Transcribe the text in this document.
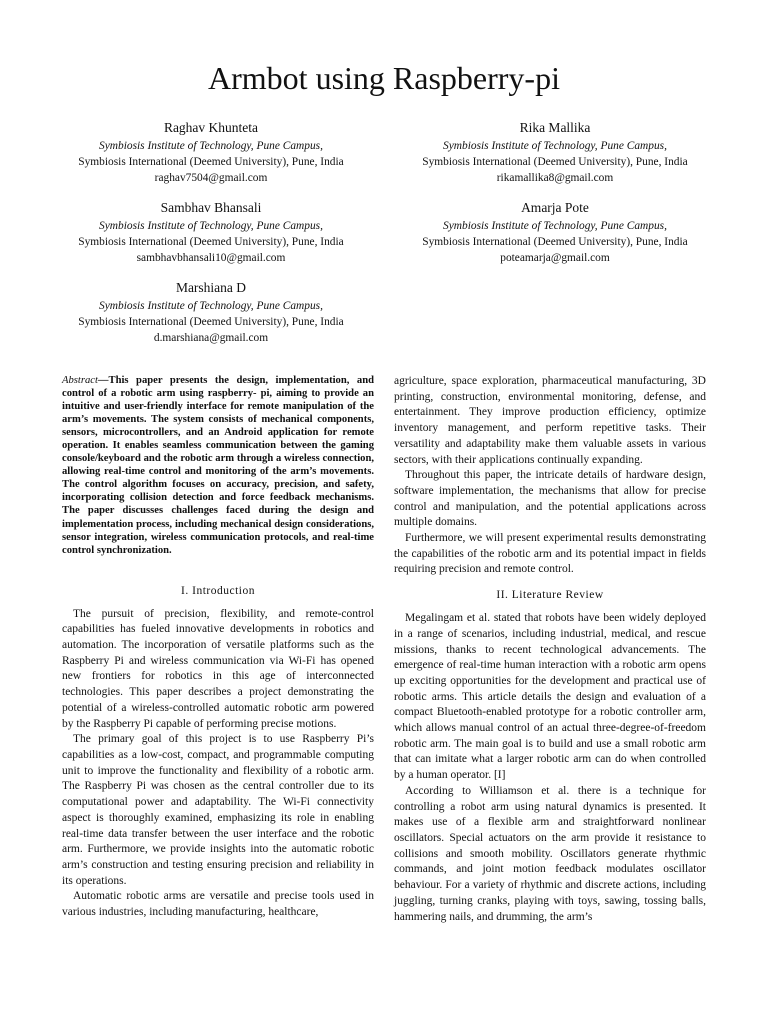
Armbot using Raspberry-pi
Raghav Khunteta
Symbiosis Institute of Technology, Pune Campus,
Symbiosis International (Deemed University), Pune, India
raghav7504@gmail.com
Rika Mallika
Symbiosis Institute of Technology, Pune Campus,
Symbiosis International (Deemed University), Pune, India
rikamallika8@gmail.com
Sambhav Bhansali
Symbiosis Institute of Technology, Pune Campus,
Symbiosis International (Deemed University), Pune, India
sambhavbhansali10@gmail.com
Amarja Pote
Symbiosis Institute of Technology, Pune Campus,
Symbiosis International (Deemed University), Pune, India
poteamarja@gmail.com
Marshiana D
Symbiosis Institute of Technology, Pune Campus,
Symbiosis International (Deemed University), Pune, India
d.marshiana@gmail.com
Abstract—This paper presents the design, implementation, and control of a robotic arm using raspberry- pi, aiming to provide an intuitive and user-friendly interface for remote manipulation of the arm’s movements. The system consists of mechanical components, sensors, microcontrollers, and an Android application for remote operation. It enables seamless communication between the gaming console/keyboard and the robotic arm through a wireless connection, allowing real-time control and monitoring of the arm’s movements. The control algorithm focuses on accuracy, precision, and safety, incorporating collision detection and force feedback mechanisms. The paper discusses challenges faced during the design and implementation process, including mechanical design considerations, sensor integration, wireless communication protocols, and real-time control synchronization.
I. Introduction

The pursuit of precision, flexibility, and remote-control capabilities has fueled innovative developments in robotics and automation. The incorporation of versatile platforms such as the Raspberry Pi and wireless communication via Wi-Fi has opened new frontiers for robotics in this age of interconnected technologies. This paper describes a project demonstrating the potential of a wireless-controlled automatic robotic arm powered by the Raspberry Pi capable of performing precise motions.

The primary goal of this project is to use Raspberry Pi’s capabilities as a low-cost, compact, and programmable computing unit to improve the functionality and flexibility of a robotic arm. The Raspberry Pi was chosen as the central controller due to its computational power and adaptability. The Wi-Fi connectivity aspect is thoroughly examined, emphasizing its role in enabling real-time data transfer between the user interface and the robotic arm. Furthermore, we provide insights into the automatic robotic arm’s construction and testing ensuring precision and reliability in its operations.

Automatic robotic arms are versatile and precise tools used in various industries, including manufacturing, healthcare,

agriculture, space exploration, pharmaceutical manufacturing, 3D printing, construction, environmental monitoring, defense, and entertainment. They improve production efficiency, optimize inventory management, and perform repetitive tasks. Their versatility and adaptability make them valuable assets in various sectors, with their applications continually expanding.

Throughout this paper, the intricate details of hardware design, software implementation, the mechanisms that allow for precise control and manipulation, and the potential applications across multiple domains.

Furthermore, we will present experimental results demonstrating the capabilities of the robotic arm and its potential impact in fields requiring precision and remote control.

II. Literature Review

Megalingam et al. stated that robots have been widely deployed in a range of scenarios, including industrial, medical, and rescue missions, thanks to recent technological advancements. The emergence of real-time human interaction with a robotic arm opens up exciting opportunities for the development and practical use of robotic arms. This article details the design and evaluation of a compact Bluetooth-enabled prototype for a robotic controller arm, which allows manual control of an actual three-degree-of-freedom robotic arm. The main goal is to build and use a small robotic arm that can imitate what a larger robotic arm can do when controlled by a human operator. [I]

According to Williamson et al. there is a technique for controlling a robot arm using natural dynamics is presented. It makes use of a flexible arm and straightforward nonlinear oscillators. Special actuators on the arm provide it resistance to collisions and smooth mobility. Oscillators generate rhythmic commands, and joint motion feedback modulates oscillator behaviour. For a variety of rhythmic and discrete actions, including juggling, turning cranks, playing with toys, sawing, tossing balls, hammering nails, and drumming, the arm’s
